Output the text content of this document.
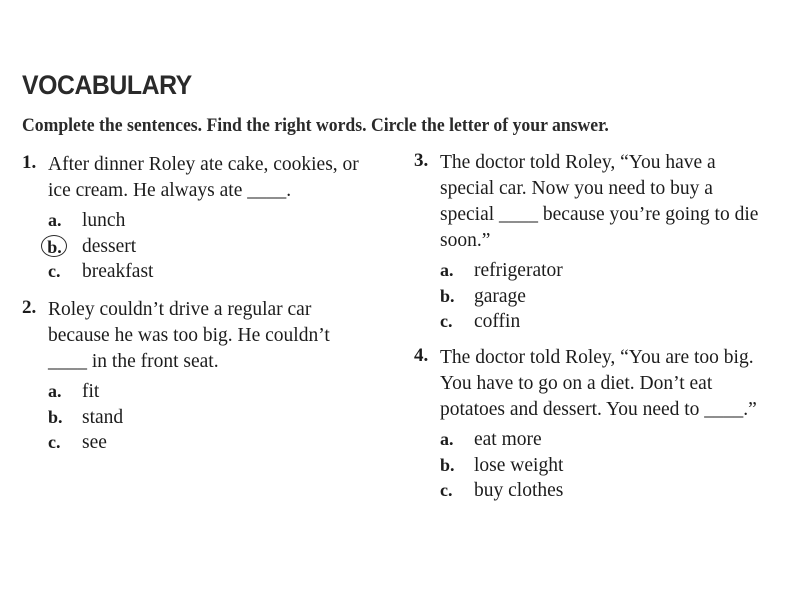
VOCABULARY
Complete the sentences. Find the right words. Circle the letter of your answer.
1. After dinner Roley ate cake, cookies, or
ice cream. He always ate ____.
a. lunch
b. dessert
c. breakfast
2. Roley couldn’t drive a regular car
because he was too big. He couldn’t
____ in the front seat.
a. fit
b. stand
c. see
3. The doctor told Roley, “You have a
special car. Now you need to buy a
special ____ because you’re going to die
soon.”
a. refrigerator
b. garage
c. coffin
4. The doctor told Roley, “You are too big.
You have to go on a diet. Don’t eat
potatoes and dessert. You need to ____.”
a. eat more
b. lose weight
c. buy clothes
